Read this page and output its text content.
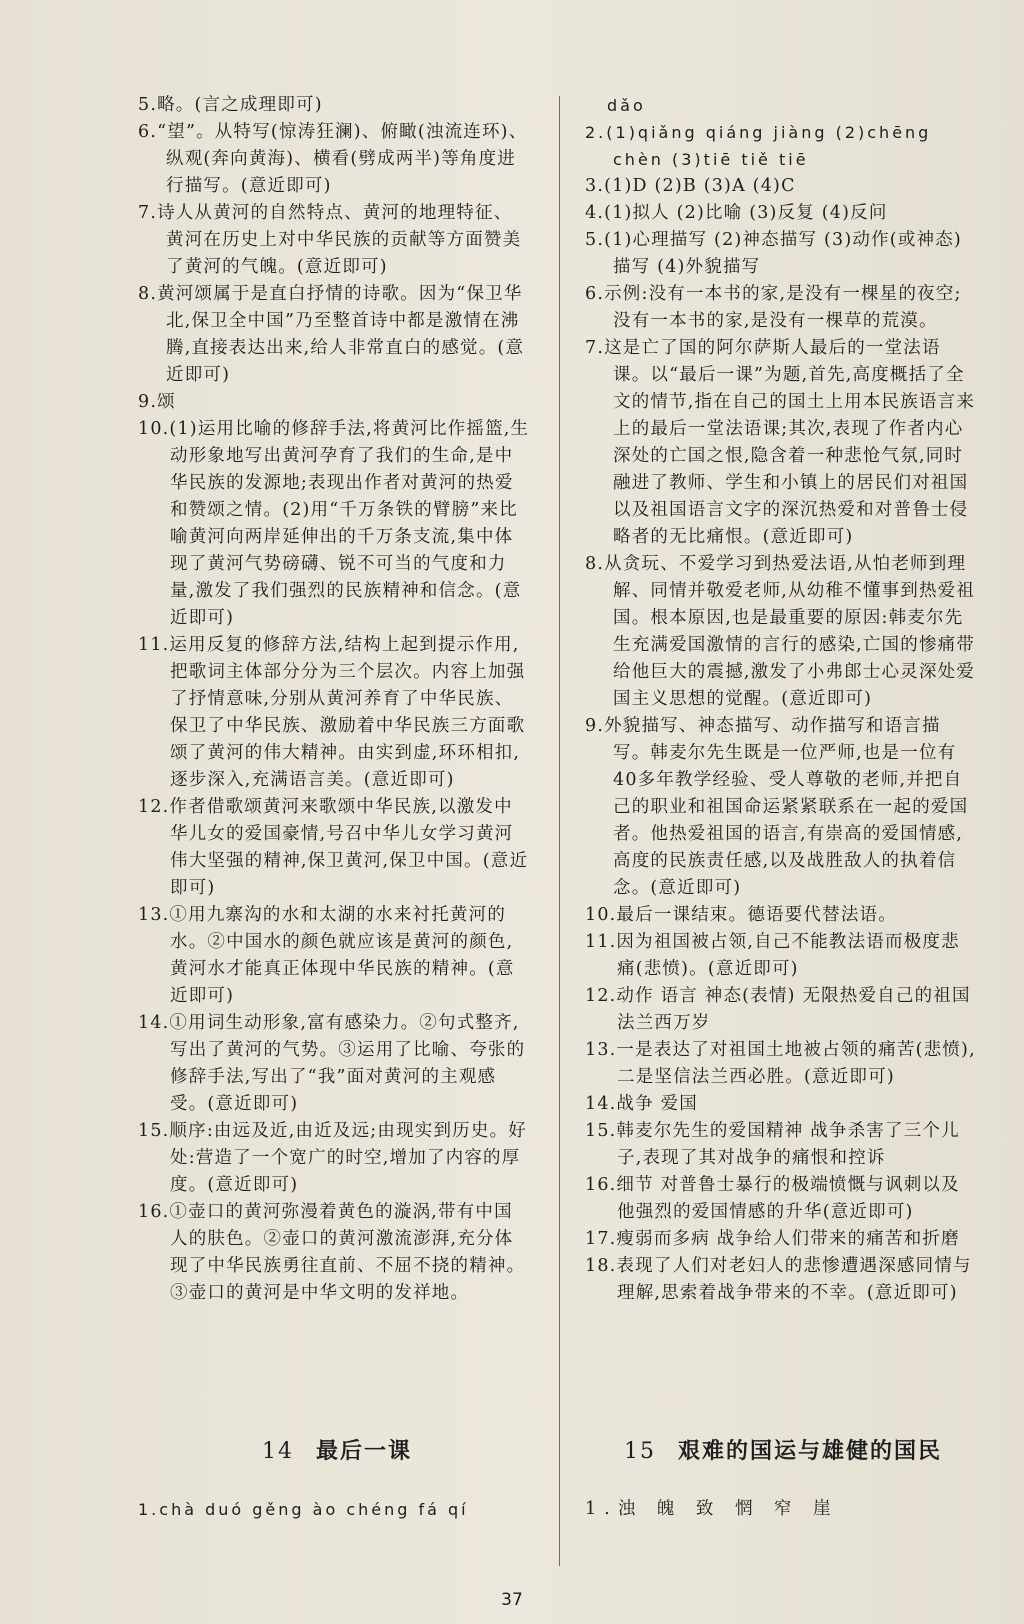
5.略。(言之成理即可)

6.“望”。从特写(惊涛狂澜)、俯瞰(浊流连环)、纵观(奔向黄海)、横看(劈成两半)等角度进行描写。(意近即可)

7.诗人从黄河的自然特点、黄河的地理特征、黄河在历史上对中华民族的贡献等方面赞美了黄河的气魄。(意近即可)

8.黄河颂属于是直白抒情的诗歌。因为“保卫华北,保卫全中国”乃至整首诗中都是激情在沸腾,直接表达出来,给人非常直白的感觉。(意近即可)

9.颂

10.(1)运用比喻的修辞手法,将黄河比作摇篮,生动形象地写出黄河孕育了我们的生命,是中华民族的发源地;表现出作者对黄河的热爱和赞颂之情。(2)用“千万条铁的臂膀”来比喻黄河向两岸延伸出的千万条支流,集中体现了黄河气势磅礴、锐不可当的气度和力量,激发了我们强烈的民族精神和信念。(意近即可)

11.运用反复的修辞方法,结构上起到提示作用,把歌词主体部分分为三个层次。内容上加强了抒情意味,分别从黄河养育了中华民族、保卫了中华民族、激励着中华民族三方面歌颂了黄河的伟大精神。由实到虚,环环相扣,逐步深入,充满语言美。(意近即可)

12.作者借歌颂黄河来歌颂中华民族,以激发中华儿女的爱国豪情,号召中华儿女学习黄河伟大坚强的精神,保卫黄河,保卫中国。(意近即可)

13.①用九寨沟的水和太湖的水来衬托黄河的水。②中国水的颜色就应该是黄河的颜色,黄河水才能真正体现中华民族的精神。(意近即可)

14.①用词生动形象,富有感染力。②句式整齐,写出了黄河的气势。③运用了比喻、夸张的修辞手法,写出了“我”面对黄河的主观感受。(意近即可)

15.顺序:由远及近,由近及远;由现实到历史。好处:营造了一个宽广的时空,增加了内容的厚度。(意近即可)

16.①壶口的黄河弥漫着黄色的漩涡,带有中国人的肤色。②壶口的黄河激流澎湃,充分体现了中华民族勇往直前、不屈不挠的精神。③壶口的黄河是中华文明的发祥地。

dǎo

2.(1)qiǎng qiáng jiàng (2)chēng chèn (3)tiē tiě tiē

3.(1)D (2)B (3)A (4)C

4.(1)拟人 (2)比喻 (3)反复 (4)反问

5.(1)心理描写 (2)神态描写 (3)动作(或神态)描写 (4)外貌描写

6.示例:没有一本书的家,是没有一棵星的夜空;没有一本书的家,是没有一棵草的荒漠。

7.这是亡了国的阿尔萨斯人最后的一堂法语课。以“最后一课”为题,首先,高度概括了全文的情节,指在自己的国土上用本民族语言来上的最后一堂法语课;其次,表现了作者内心深处的亡国之恨,隐含着一种悲怆气氛,同时融进了教师、学生和小镇上的居民们对祖国以及祖国语言文字的深沉热爱和对普鲁士侵略者的无比痛恨。(意近即可)

8.从贪玩、不爱学习到热爱法语,从怕老师到理解、同情并敬爱老师,从幼稚不懂事到热爱祖国。根本原因,也是最重要的原因:韩麦尔先生充满爱国激情的言行的感染,亡国的惨痛带给他巨大的震撼,激发了小弗郎士心灵深处爱国主义思想的觉醒。(意近即可)

9.外貌描写、神态描写、动作描写和语言描写。韩麦尔先生既是一位严师,也是一位有40多年教学经验、受人尊敬的老师,并把自己的职业和祖国命运紧紧联系在一起的爱国者。他热爱祖国的语言,有崇高的爱国情感,高度的民族责任感,以及战胜敌人的执着信念。(意近即可)

10.最后一课结束。德语要代替法语。

11.因为祖国被占领,自己不能教法语而极度悲痛(悲愤)。(意近即可)

12.动作 语言 神态(表情) 无限热爱自己的祖国 法兰西万岁

13.一是表达了对祖国土地被占领的痛苦(悲愤),二是坚信法兰西必胜。(意近即可)

14.战争 爱国

15.韩麦尔先生的爱国精神 战争杀害了三个儿子,表现了其对战争的痛恨和控诉

16.细节 对普鲁士暴行的极端愤慨与讽刺以及他强烈的爱国情感的升华(意近即可)

17.瘦弱而多病 战争给人们带来的痛苦和折磨

18.表现了人们对老妇人的悲惨遭遇深感同情与理解,思索着战争带来的不幸。(意近即可)

14 最后一课

1.chà duó gěng ào chéng fá qí

15 艰难的国运与雄健的国民

1.浊 魄 致 惘 窄 崖

37
